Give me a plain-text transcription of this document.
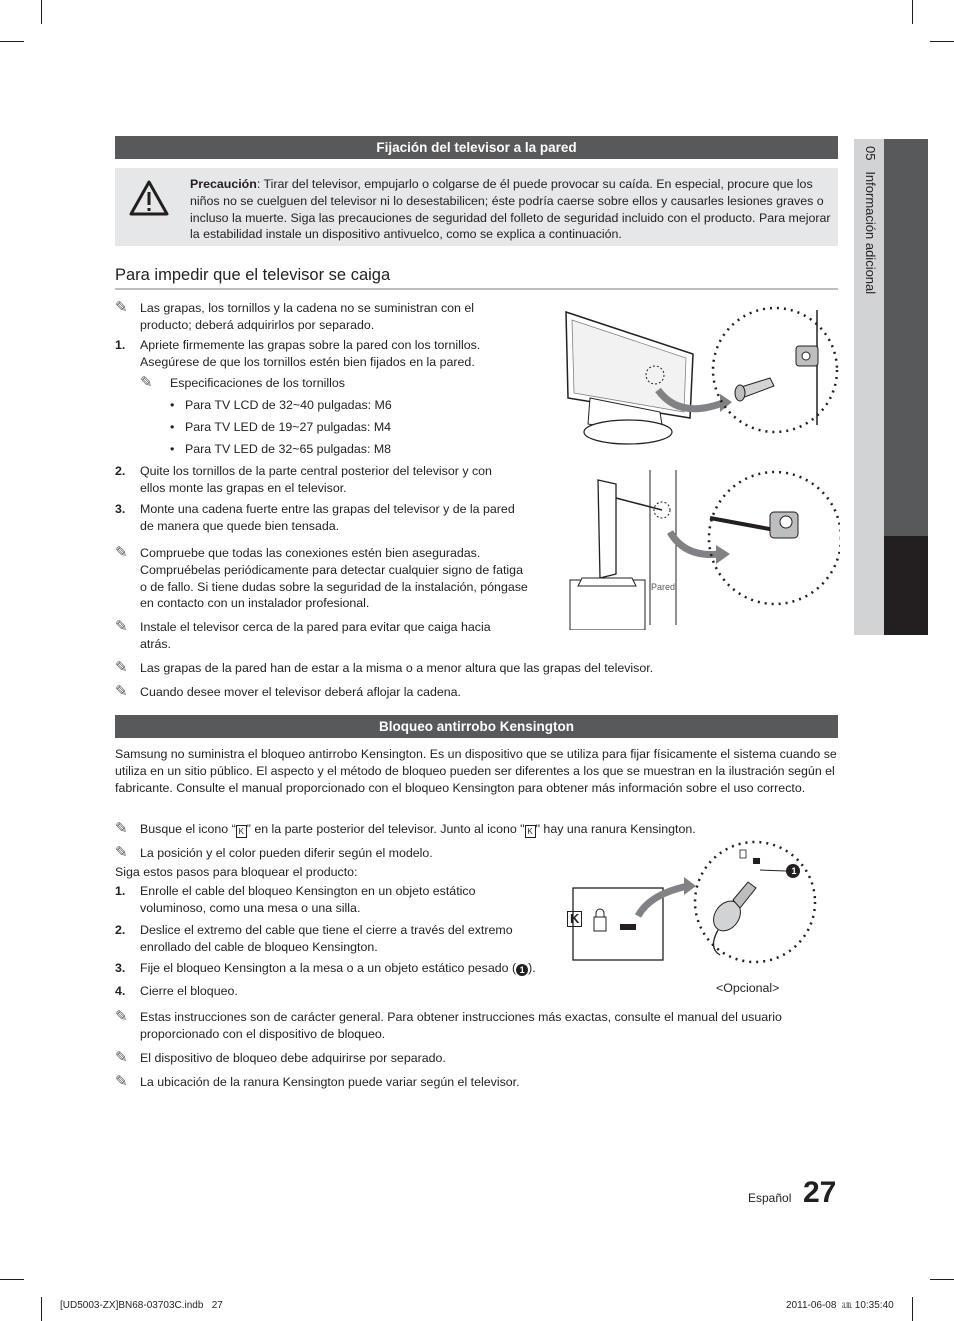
05   Información adicional
Fijación del televisor a la pared
Precaución: Tirar del televisor, empujarlo o colgarse de él puede provocar su caída. En especial, procure que los niños no se cuelguen del televisor ni lo desestabilicen; éste podría caerse sobre ellos y causarles lesiones graves o incluso la muerte. Siga las precauciones de seguridad del folleto de seguridad incluido con el producto. Para mejorar la estabilidad instale un dispositivo antivuelco, como se explica a continuación.
Para impedir que el televisor se caiga
✎	Las grapas, los tornillos y la cadena no se suministran con el producto; deberá adquirirlos por separado.
1. Apriete firmemente las grapas sobre la pared con los tornillos. Asegúrese de que los tornillos estén bien fijados en la pared.
✎	Especificaciones de los tornillos
• Para TV LCD de 32~40 pulgadas: M6
• Para TV LED de 19~27 pulgadas: M4
• Para TV LED de 32~65 pulgadas: M8
2. Quite los tornillos de la parte central posterior del televisor y con ellos monte las grapas en el televisor.
3. Monte una cadena fuerte entre las grapas del televisor y de la pared de manera que quede bien tensada.
✎	Compruebe que todas las conexiones estén bien aseguradas. Compruébelas periódicamente para detectar cualquier signo de fatiga o de fallo. Si tiene dudas sobre la seguridad de la instalación, póngase en contacto con un instalador profesional.
✎	Instale el televisor cerca de la pared para evitar que caiga hacia atrás.
✎	Las grapas de la pared han de estar a la misma o a menor altura que las grapas del televisor.
✎	Cuando desee mover el televisor deberá aflojar la cadena.
Pared
Bloqueo antirrobo Kensington
Samsung no suministra el bloqueo antirrobo Kensington. Es un dispositivo que se utiliza para fijar físicamente el sistema cuando se utiliza en un sitio público. El aspecto y el método de bloqueo pueden ser diferentes a los que se muestran en la ilustración según el fabricante. Consulte el manual proporcionado con el bloqueo Kensington para obtener más información sobre el uso correcto.
✎	Busque el icono “ K ” en la parte posterior del televisor. Junto al icono " K " hay una ranura Kensington.
✎	La posición y el color pueden diferir según el modelo.
Siga estos pasos para bloquear el producto:
1. Enrolle el cable del bloqueo Kensington en un objeto estático voluminoso, como una mesa o una silla.
2. Deslice el extremo del cable que tiene el cierre a través del extremo enrollado del cable de bloqueo Kensington.
3. Fije el bloqueo Kensington a la mesa o a un objeto estático pesado ( 1 ).
4. Cierre el bloqueo.
K
1
<Opcional>
✎	Estas instrucciones son de carácter general. Para obtener instrucciones más exactas, consulte el manual del usuario proporcionado con el dispositivo de bloqueo.
✎	El dispositivo de bloqueo debe adquirirse por separado.
✎	La ubicación de la ranura Kensington puede variar según el televisor.
Español 27
[UD5003-ZX]BN68-03703C.indb   27	2011-06-08 ㏂ 10:35:40
